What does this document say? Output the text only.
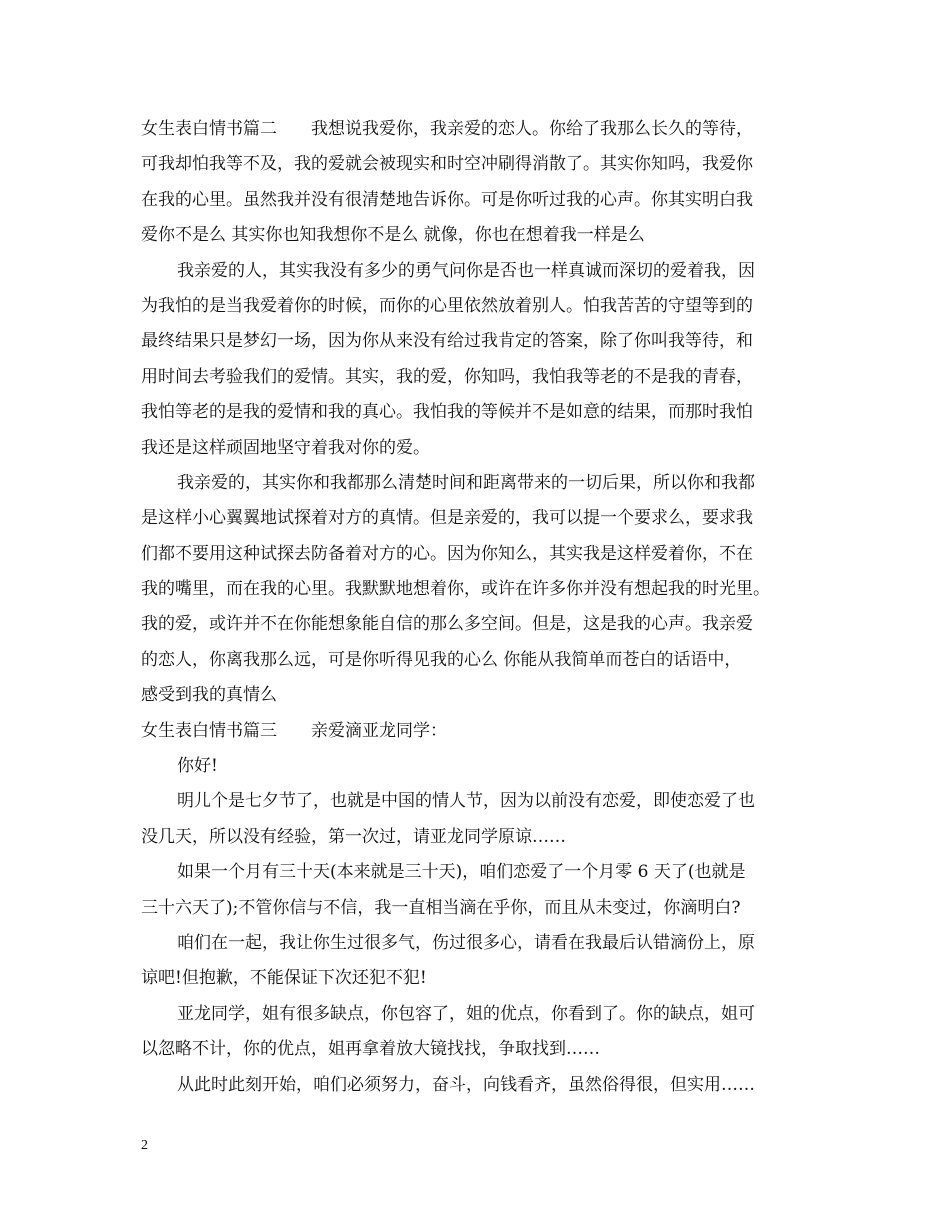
女生表白情书篇二　　我想说我爱你，我亲爱的恋人。你给了我那么长久的等待，
可我却怕我等不及，我的爱就会被现实和时空冲刷得消散了。其实你知吗，我爱你
在我的心里。虽然我并没有很清楚地告诉你。可是你听过我的心声。你其实明白我
爱你不是么 其实你也知我想你不是么 就像，你也在想着我一样是么
我亲爱的人，其实我没有多少的勇气问你是否也一样真诚而深切的爱着我，因
为我怕的是当我爱着你的时候，而你的心里依然放着别人。怕我苦苦的守望等到的
最终结果只是梦幻一场，因为你从来没有给过我肯定的答案，除了你叫我等待，和
用时间去考验我们的爱情。其实，我的爱，你知吗，我怕我等老的不是我的青春，
我怕等老的是我的爱情和我的真心。我怕我的等候并不是如意的结果，而那时我怕
我还是这样顽固地坚守着我对你的爱。
我亲爱的，其实你和我都那么清楚时间和距离带来的一切后果，所以你和我都
是这样小心翼翼地试探着对方的真情。但是亲爱的，我可以提一个要求么，要求我
们都不要用这种试探去防备着对方的心。因为你知么，其实我是这样爱着你，不在
我的嘴里，而在我的心里。我默默地想着你，或许在许多你并没有想起我的时光里。
我的爱，或许并不在你能想象能自信的那么多空间。但是，这是我的心声。我亲爱
的恋人，你离我那么远，可是你听得见我的心么 你能从我简单而苍白的话语中，
感受到我的真情么
女生表白情书篇三　　亲爱滴亚龙同学：
你好!
明儿个是七夕节了，也就是中国的情人节，因为以前没有恋爱，即使恋爱了也
没几天，所以没有经验，第一次过，请亚龙同学原谅……
如果一个月有三十天(本来就是三十天)，咱们恋爱了一个月零 6 天了(也就是
三十六天了);不管你信与不信，我一直相当滴在乎你，而且从未变过，你滴明白?
咱们在一起，我让你生过很多气，伤过很多心，请看在我最后认错滴份上，原
谅吧!但抱歉，不能保证下次还犯不犯!
亚龙同学，姐有很多缺点，你包容了，姐的优点，你看到了。你的缺点，姐可
以忽略不计，你的优点，姐再拿着放大镜找找，争取找到……
从此时此刻开始，咱们必须努力，奋斗，向钱看齐，虽然俗得很，但实用……
2
